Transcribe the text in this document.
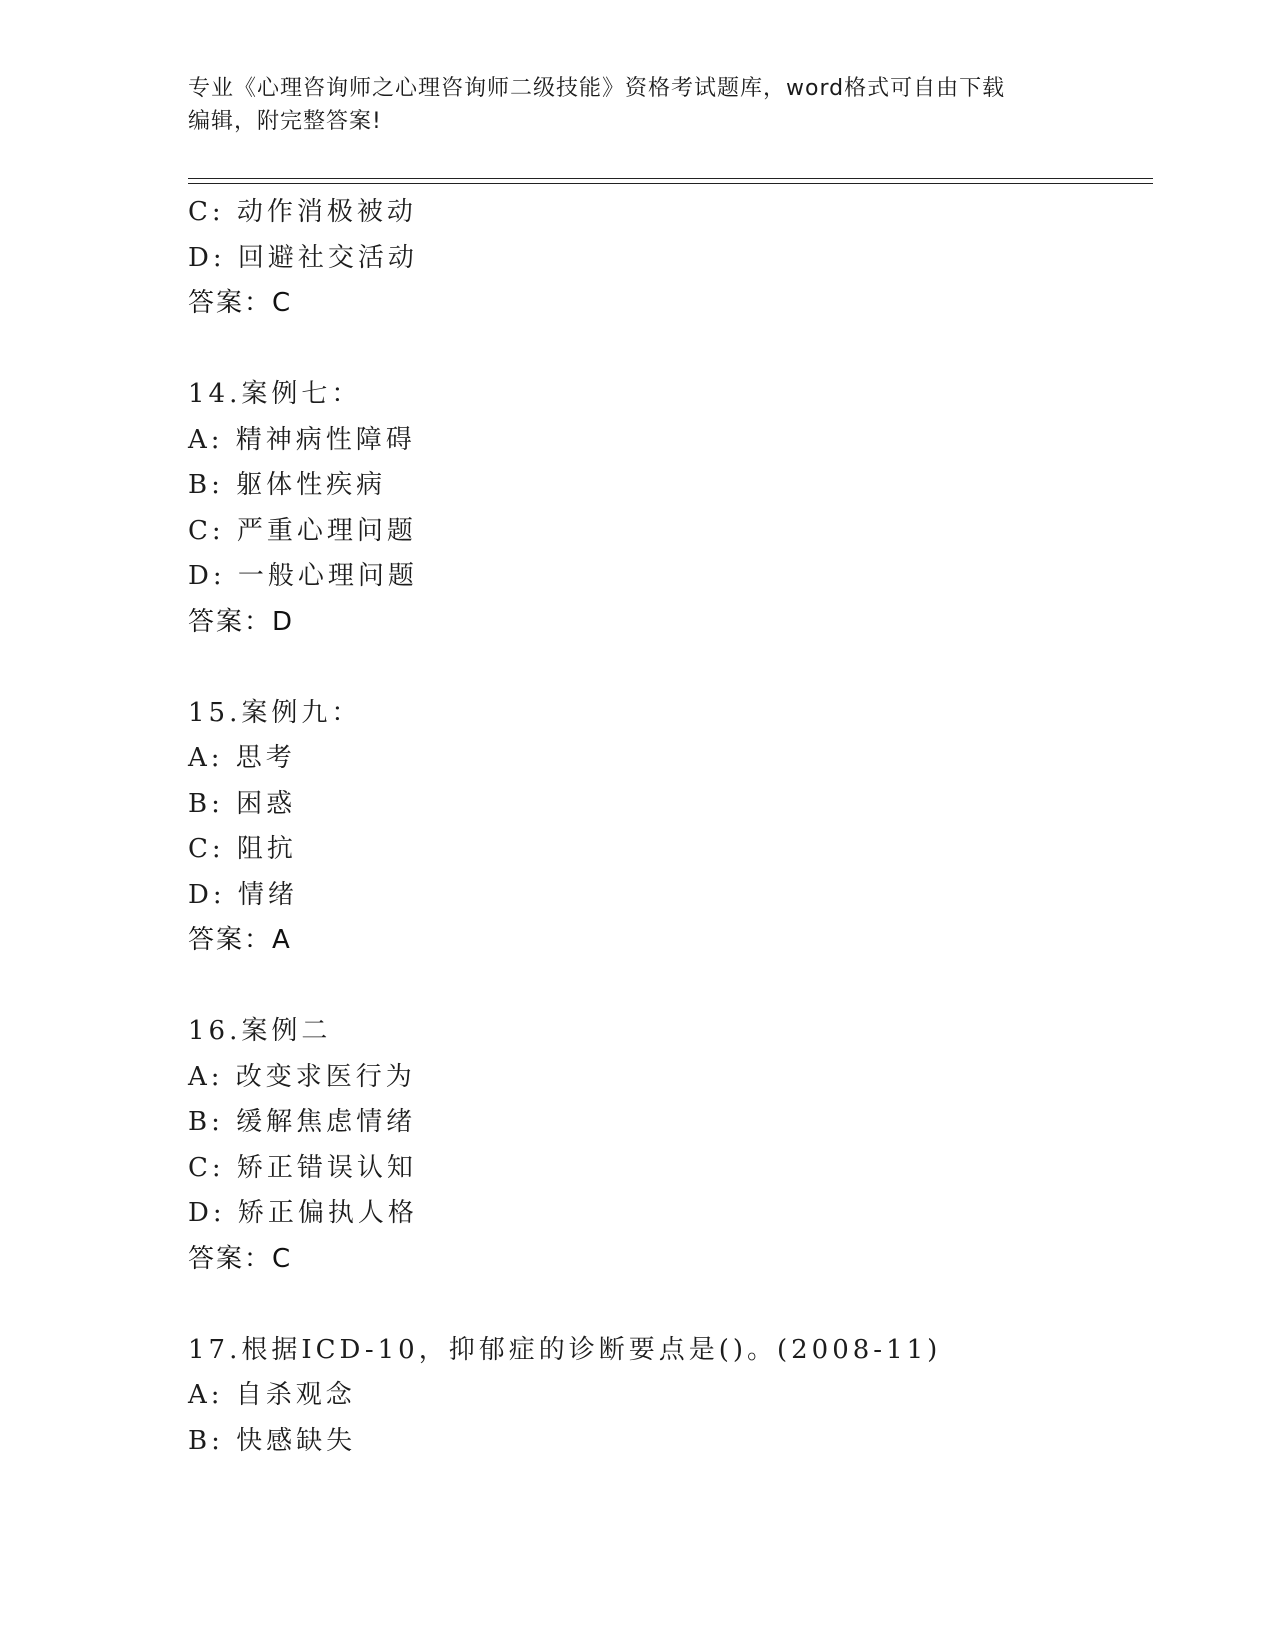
专业《心理咨询师之心理咨询师二级技能》资格考试题库，word格式可自由下载
编辑，附完整答案!
C: 动作消极被动
D: 回避社交活动
答案：C
14.案例七：
A: 精神病性障碍
B: 躯体性疾病
C: 严重心理问题
D: 一般心理问题
答案：D
15.案例九：
A: 思考
B: 困惑
C: 阻抗
D: 情绪
答案：A
16.案例二
A: 改变求医行为
B: 缓解焦虑情绪
C: 矫正错误认知
D: 矫正偏执人格
答案：C
17.根据ICD-10，抑郁症的诊断要点是()。(2008-11)
A: 自杀观念
B: 快感缺失
